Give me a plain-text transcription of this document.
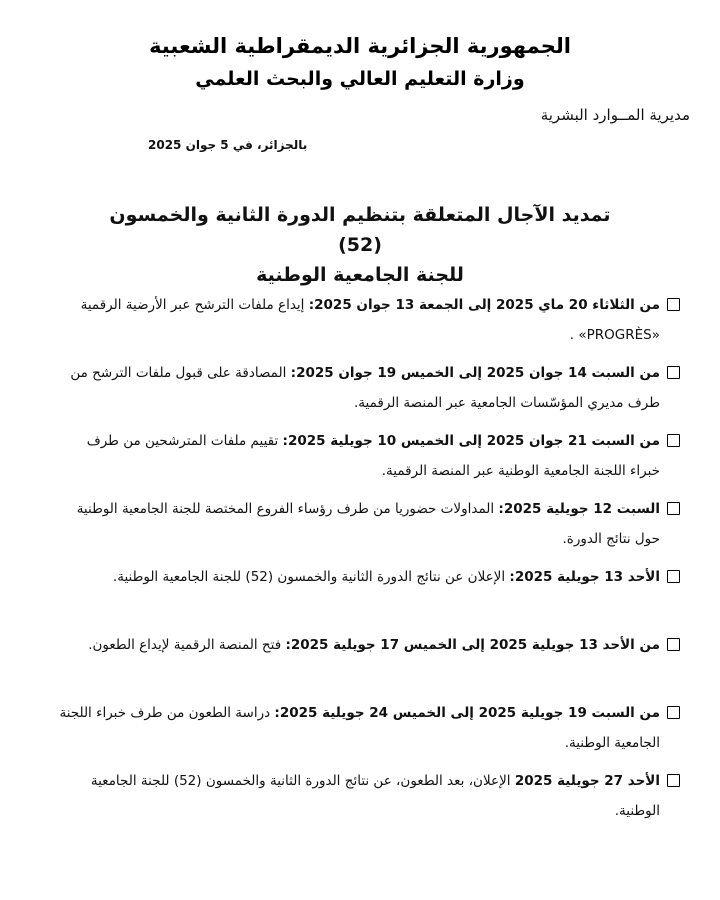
الجمهورية الجزائرية الديمقراطية الشعبية
وزارة التعليم العالي والبحث العلمي
مديرية المــوارد البشرية
بالجزائر، في 5 جوان 2025
تمديد الآجال المتعلقة بتنظيم الدورة الثانية والخمسون (52)
للجنة الجامعية الوطنية
من الثلاثاء 20 ماي 2025 إلى الجمعة 13 جوان 2025: إيداع ملفات الترشح عبر الأرضية الرقمية «PROGRÈS» .
من السبت 14 جوان 2025 إلى الخميس 19 جوان 2025: المصادقة على قبول ملفات الترشح من طرف مديري المؤسّسات الجامعية عبر المنصة الرقمية.
من السبت 21 جوان 2025 إلى الخميس 10 جويلية 2025: تقييم ملفات المترشحين من طرف خبراء اللجنة الجامعية الوطنية عبر المنصة الرقمية.
السبت 12 جويلية 2025: المداولات حضوريا من طرف رؤساء الفروع المختصة للجنة الجامعية الوطنية حول نتائج الدورة.
الأحد 13 جويلية 2025: الإعلان عن نتائج الدورة الثانية والخمسون (52) للجنة الجامعية الوطنية.
من الأحد 13 جويلية 2025 إلى الخميس 17 جويلية 2025: فتح المنصة الرقمية لإيداع الطعون.
من السبت 19 جويلية 2025 إلى الخميس 24 جويلية 2025: دراسة الطعون من طرف خبراء اللجنة الجامعية الوطنية.
الأحد 27 جويلية 2025 الإعلان، بعد الطعون، عن نتائج الدورة الثانية والخمسون (52) للجنة الجامعية الوطنية.
